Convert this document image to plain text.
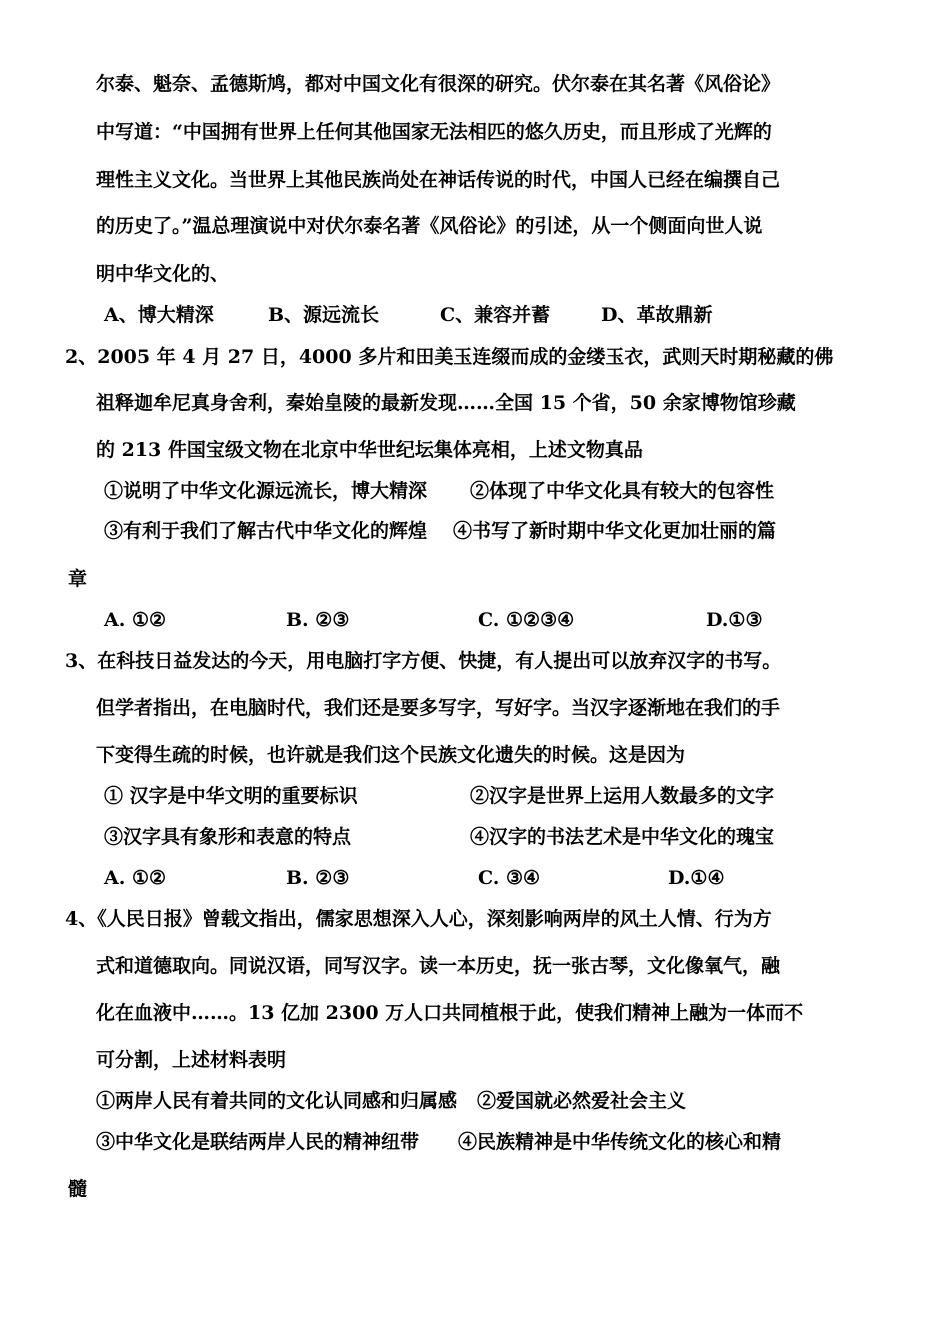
尔泰、魁奈、孟德斯鸠，都对中国文化有很深的研究。伏尔泰在其名著《风俗论》
中写道：“中国拥有世界上任何其他国家无法相匹的悠久历史，而且形成了光辉的
理性主义文化。当世界上其他民族尚处在神话传说的时代，中国人已经在编撰自己
的历史了。”温总理演说中对伏尔泰名著《风俗论》的引述，从一个侧面向世人说
明中华文化的、
A、博大精深	B、源远流长	C、兼容并蓄	D、革故鼎新
2、2005 年 4 月 27 日，4000 多片和田美玉连缀而成的金缕玉衣，武则天时期秘藏的佛
祖释迦牟尼真身舍利，秦始皇陵的最新发现……全国 15 个省，50 余家博物馆珍藏
的 213 件国宝级文物在北京中华世纪坛集体亮相，上述文物真品
①说明了中华文化源远流长，博大精深 ②体现了中华文化具有较大的包容性
③有利于我们了解古代中华文化的辉煌 ④书写了新时期中华文化更加壮丽的篇
章
A. ①②	B. ②③	C. ①②③④	D.①③
3、在科技日益发达的今天，用电脑打字方便、快捷，有人提出可以放弃汉字的书写。
但学者指出，在电脑时代，我们还是要多写字，写好字。当汉字逐渐地在我们的手
下变得生疏的时候，也许就是我们这个民族文化遗失的时候。这是因为
① 汉字是中华文明的重要标识	②汉字是世界上运用人数最多的文字
③汉字具有象形和表意的特点	④汉字的书法艺术是中华文化的瑰宝
A. ①②	B. ②③	C. ③④	D.①④
4、《人民日报》曾载文指出，儒家思想深入人心，深刻影响两岸的风土人情、行为方
式和道德取向。同说汉语，同写汉字。读一本历史，抚一张古琴，文化像氧气，融
化在血液中……。13 亿加 2300 万人口共同植根于此，使我们精神上融为一体而不
可分割，上述材料表明
①两岸人民有着共同的文化认同感和归属感 ②爱国就必然爱社会主义
③中华文化是联结两岸人民的精神纽带 ④民族精神是中华传统文化的核心和精
髓
